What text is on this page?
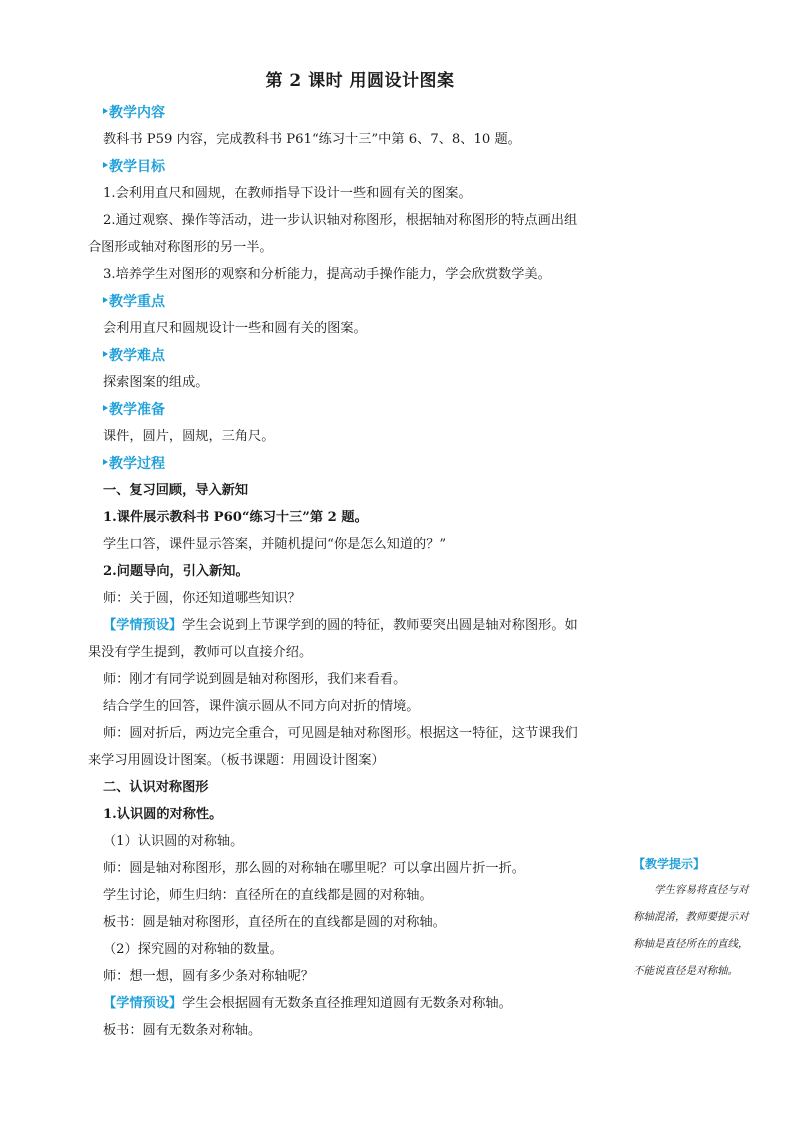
第 2 课时 用圆设计图案
教学内容
教科书 P59 内容，完成教科书 P61“练习十三”中第 6、7、8、10 题。
教学目标
1.会利用直尺和圆规，在教师指导下设计一些和圆有关的图案。
2.通过观察、操作等活动，进一步认识轴对称图形，根据轴对称图形的特点画出组
合图形或轴对称图形的另一半。
3.培养学生对图形的观察和分析能力，提高动手操作能力，学会欣赏数学美。
教学重点
会利用直尺和圆规设计一些和圆有关的图案。
教学难点
探索图案的组成。
教学准备
课件，圆片，圆规，三角尺。
教学过程
一、复习回顾，导入新知
1.课件展示教科书 P60“练习十三”第 2 题。
学生口答，课件显示答案，并随机提问“你是怎么知道的？”
2.问题导向，引入新知。
师：关于圆，你还知道哪些知识？
【学情预设】学生会说到上节课学到的圆的特征，教师要突出圆是轴对称图形。如
果没有学生提到，教师可以直接介绍。
师：刚才有同学说到圆是轴对称图形，我们来看看。
结合学生的回答，课件演示圆从不同方向对折的情境。
师：圆对折后，两边完全重合，可见圆是轴对称图形。根据这一特征，这节课我们
来学习用圆设计图案。（板书课题：用圆设计图案）
二、认识对称图形
1.认识圆的对称性。
（1）认识圆的对称轴。
师：圆是轴对称图形，那么圆的对称轴在哪里呢？可以拿出圆片折一折。
学生讨论，师生归纳：直径所在的直线都是圆的对称轴。
板书：圆是轴对称图形，直径所在的直线都是圆的对称轴。
（2）探究圆的对称轴的数量。
师：想一想，圆有多少条对称轴呢？
【学情预设】学生会根据圆有无数条直径推理知道圆有无数条对称轴。
板书：圆有无数条对称轴。
【教学提示】
学生容易将直径与对称轴混淆，教师要提示对称轴是直径所在的直线，不能说直径是对称轴。
